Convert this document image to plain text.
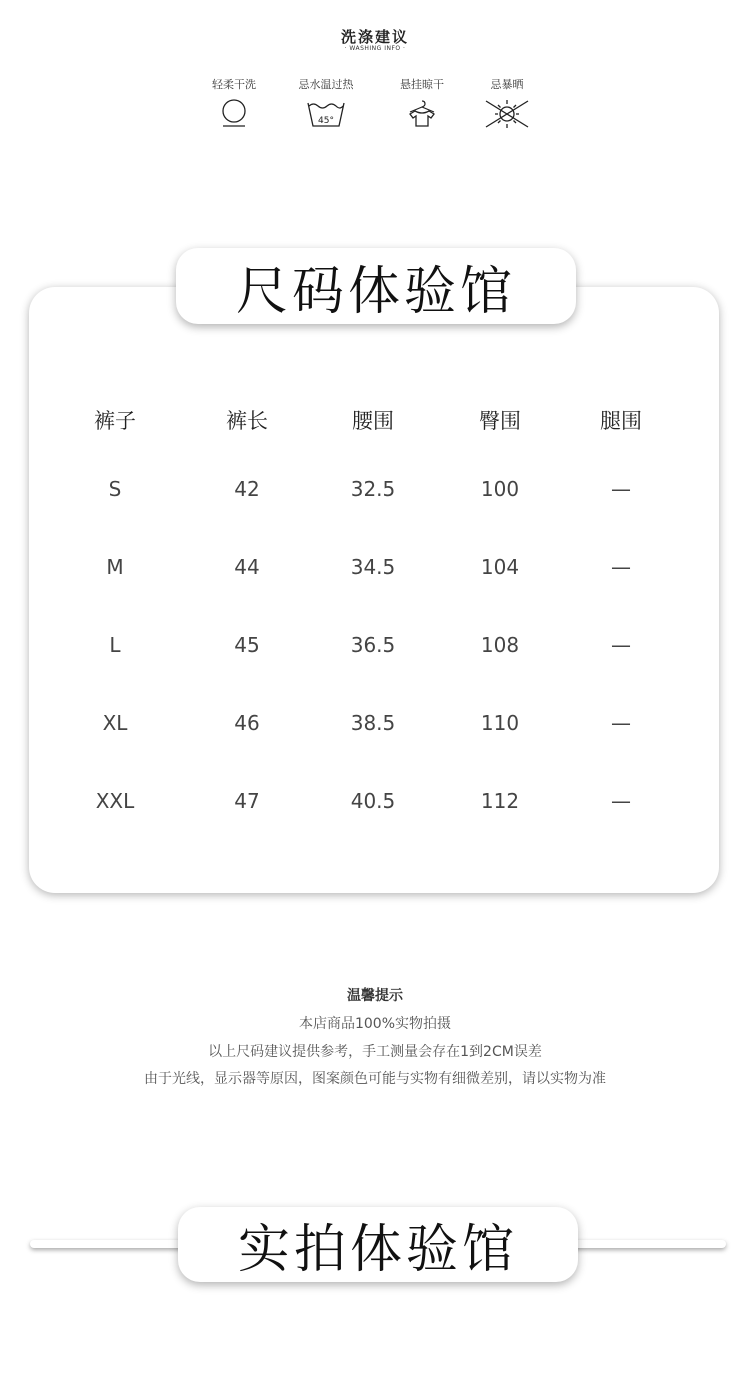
洗涤建议
· WASHING INFO ·
轻柔干洗	忌水温过热
45°
悬挂晾干	忌暴晒
尺码体验馆
裤子	裤长	腰围	臀围	腿围
S	42	32.5	100	—
M	44	34.5	104	—
L	45	36.5	108	—
XL	46	38.5	110	—
XXL	47	40.5	112	—
温馨提示
本店商品100%实物拍摄
以上尺码建议提供参考，手工测量会存在1到2CM误差
由于光线，显示器等原因，图案颜色可能与实物有细微差别，请以实物为准
实拍体验馆
